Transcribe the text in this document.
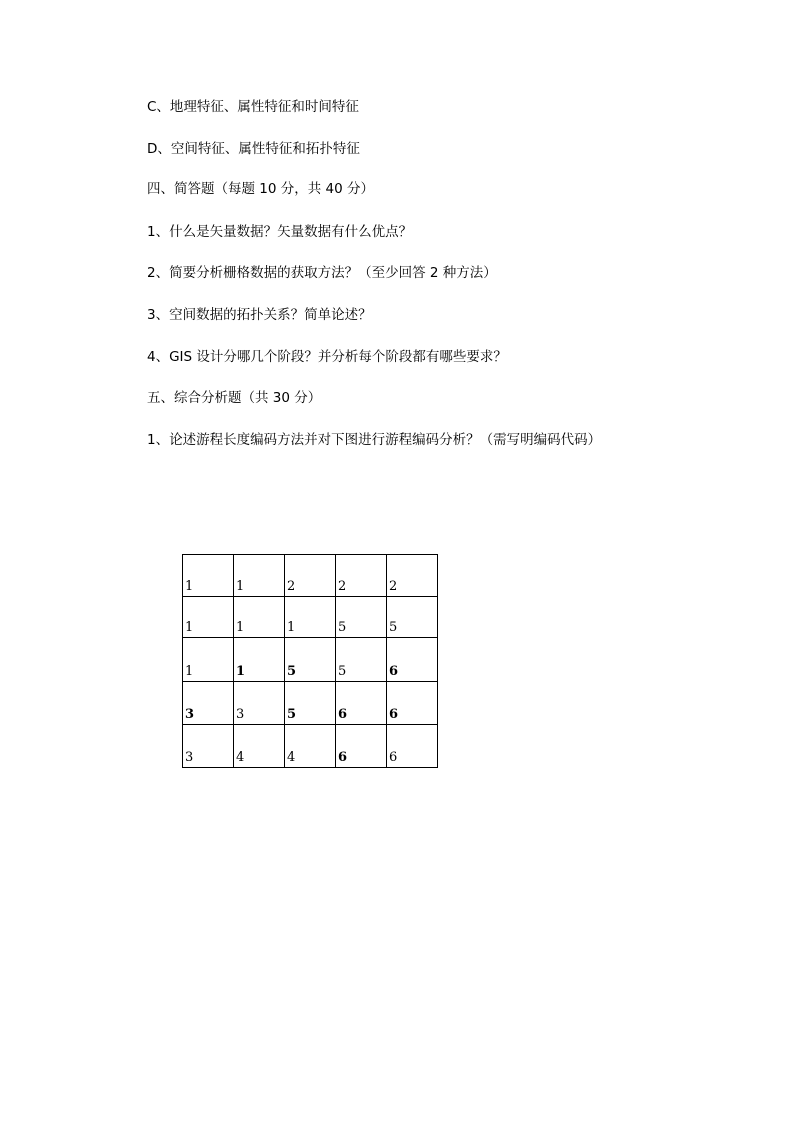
C、地理特征、属性特征和时间特征
D、空间特征、属性特征和拓扑特征
四、简答题（每题 10 分，共 40 分）
1、什么是矢量数据？矢量数据有什么优点？
2、简要分析栅格数据的获取方法？（至少回答 2 种方法）
3、空间数据的拓扑关系？简单论述？
4、GIS 设计分哪几个阶段？并分析每个阶段都有哪些要求？
五、综合分析题（共 30 分）
1、论述游程长度编码方法并对下图进行游程编码分析？（需写明编码代码）
1	1	2	2	2
1	1	1	5	5
1	1	5	5	6
3	3	5	6	6
3	4	4	6	6
